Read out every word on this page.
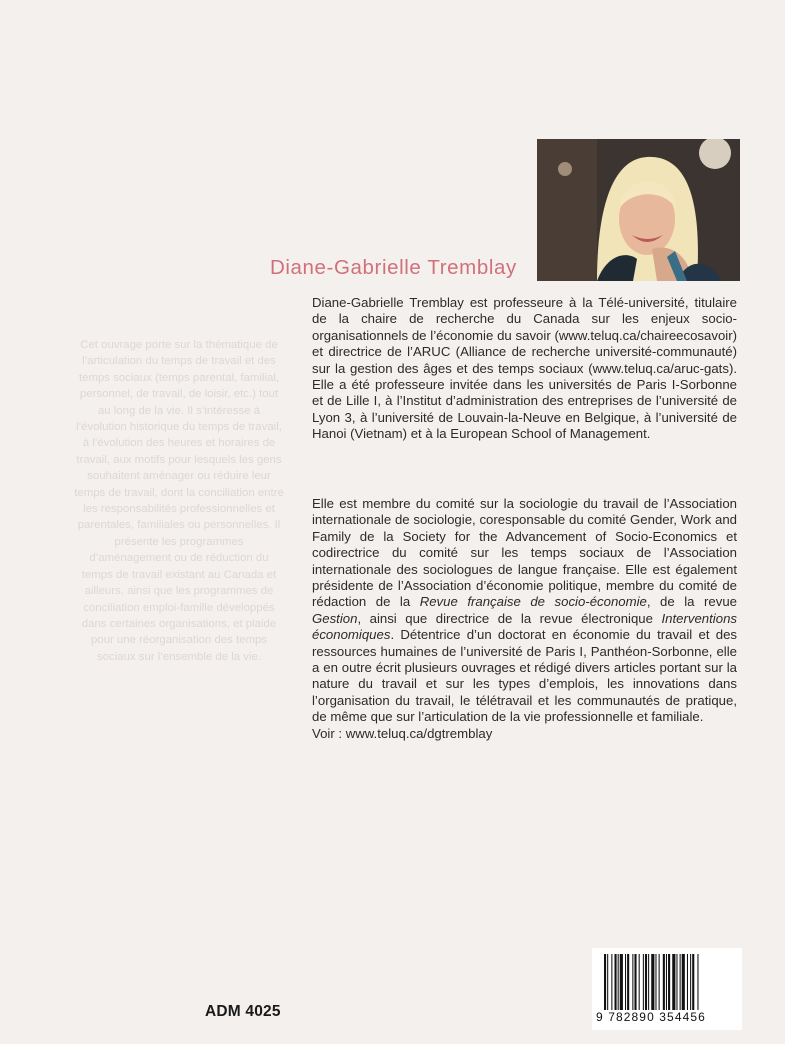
Diane-Gabrielle Tremblay

Diane-Gabrielle Tremblay est professeure à la Télé-université, titulaire de la chaire de recherche du Canada sur les enjeux socio-organisationnels de l’économie du savoir (www.teluq.ca/chaireecosavoir) et directrice de l’ARUC (Alliance de recherche université-communauté) sur la gestion des âges et des temps sociaux (www.teluq.ca/aruc-gats). Elle a été professeure invitée dans les universités de Paris I-Sorbonne et de Lille I, à l’Institut d’administration des entreprises de l’université de Lyon 3, à l’université de Louvain-la-Neuve en Belgique, à l’université de Hanoi (Vietnam) et à la European School of Management.

Elle est membre du comité sur la sociologie du travail de l’Association internationale de sociologie, coresponsable du comité Gender, Work and Family de la Society for the Advancement of Socio-Economics et codirectrice du comité sur les temps sociaux de l’Association internationale des sociologues de langue française. Elle est également présidente de l’Association d’économie politique, membre du comité de rédaction de la Revue française de socio-économie, de la revue Gestion, ainsi que directrice de la revue électronique Interventions économiques. Détentrice d’un doctorat en économie du travail et des ressources humaines de l’université de Paris I, Panthéon-Sorbonne, elle a en outre écrit plusieurs ouvrages et rédigé divers articles portant sur la nature du travail et sur les types d’emplois, les innovations dans l’organisation du travail, le télétravail et les communautés de pratique, de même que sur l’articulation de la vie professionnelle et familiale.

Voir : www.teluq.ca/dgtremblay

Cet ouvrage porte sur la thématique de l’articulation du temps de travail et des temps sociaux (temps parental, familial, personnel, de travail, de loisir, etc.) tout au long de la vie. Il s’intéresse à l’évolution historique du temps de travail, à l’évolution des heures et horaires de travail, aux motifs pour lesquels les gens souhaitent aménager ou réduire leur temps de travail, dont la conciliation entre les responsabilités professionnelles et parentales, familiales ou personnelles. Il présente les programmes d’aménagement ou de réduction du temps de travail existant au Canada et ailleurs, ainsi que les programmes de conciliation emploi-famille développés dans certaines organisations, et plaide pour une réorganisation des temps sociaux sur l’ensemble de la vie.
ADM 4025	9 782890 354456
